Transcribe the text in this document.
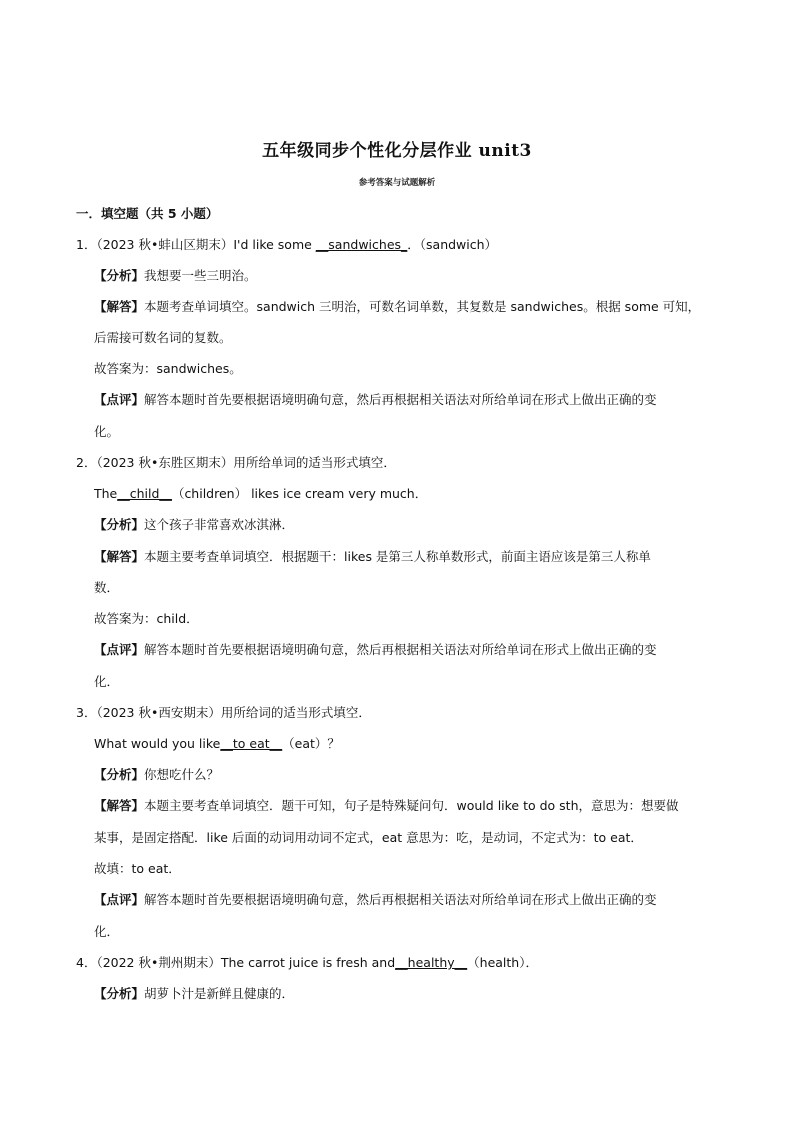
五年级同步个性化分层作业 unit3
参考答案与试题解析
一．填空题（共 5 小题）
1．（2023 秋•蚌山区期末）I'd like some __sandwiches_．（sandwich）
【分析】我想要一些三明治。
【解答】本题考查单词填空。sandwich 三明治，可数名词单数，其复数是 sandwiches。根据 some 可知，
后需接可数名词的复数。
故答案为：sandwiches。
【点评】解答本题时首先要根据语境明确句意，然后再根据相关语法对所给单词在形式上做出正确的变
化。
2．（2023 秋•东胜区期末）用所给单词的适当形式填空．
The__child__（children） likes ice cream very much．
【分析】这个孩子非常喜欢冰淇淋．
【解答】本题主要考查单词填空．根据题干：likes 是第三人称单数形式，前面主语应该是第三人称单
数．
故答案为：child．
【点评】解答本题时首先要根据语境明确句意，然后再根据相关语法对所给单词在形式上做出正确的变
化．
3．（2023 秋•西安期末）用所给词的适当形式填空．
What would you like__to eat__（eat）？
【分析】你想吃什么？
【解答】本题主要考查单词填空．题干可知，句子是特殊疑问句．would like to do sth，意思为：想要做
某事，是固定搭配．like 后面的动词用动词不定式，eat 意思为：吃，是动词，不定式为：to eat．
故填：to eat．
【点评】解答本题时首先要根据语境明确句意，然后再根据相关语法对所给单词在形式上做出正确的变
化．
4．（2022 秋•荆州期末）The carrot juice is fresh and__healthy__（health）．
【分析】胡萝卜汁是新鲜且健康的．
